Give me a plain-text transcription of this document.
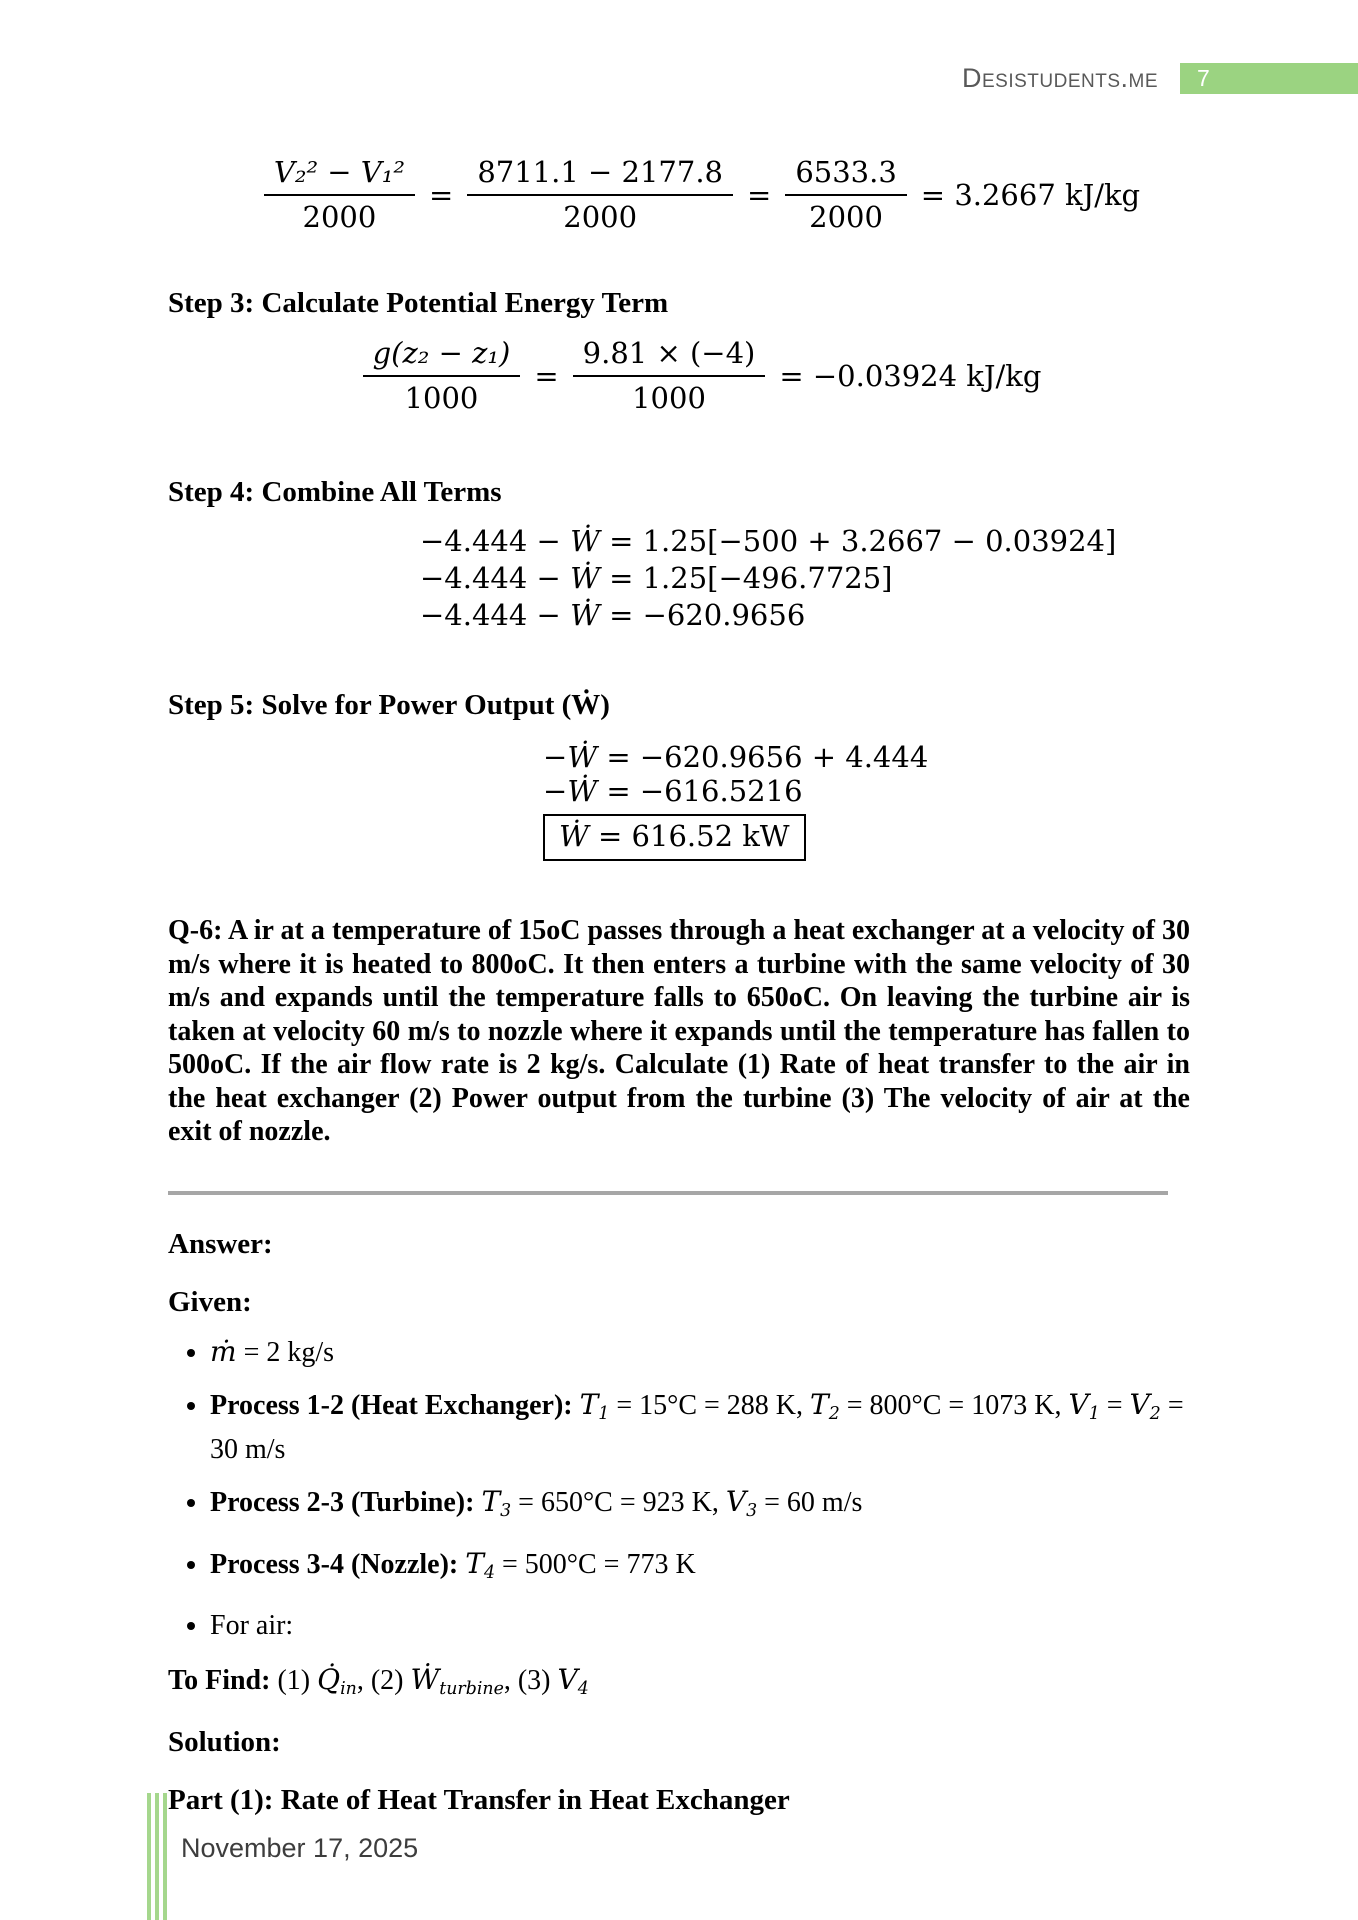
Desistudents.me 7
$\frac{\text{V₂² − V₁²}}{2000} = \frac{8711.1 - 2177.8}{2000} = \frac{6533.3}{2000} = 3.2667$ kJ/kg
Step 3: Calculate Potential Energy Term
$\frac{\text{g(z₂ − z₁)}}{1000} = \frac{9.81 \times (-4)}{1000} = -0.03924$ kJ/kg
Step 4: Combine All Terms
−4.444 − Ẇ = 1.25[−500 + 3.2667 − 0.03924]
−4.444 − Ẇ = 1.25[−496.7725]
−4.444 − Ẇ = −620.9656
Step 5: Solve for Power Output (Ẇ)
−Ẇ = −620.9656 + 4.444
−Ẇ = −616.5216
Ẇ = 616.52 kW

Q-6: A ir at a temperature of 15oC passes through a heat exchanger at a velocity of 30 m/s where it is heated to 800oC. It then enters a turbine with the same velocity of 30 m/s and expands until the temperature falls to 650oC. On leaving the turbine air is taken at velocity 60 m/s to nozzle where it expands until the temperature has fallen to 500oC. If the air flow rate is 2 kg/s. Calculate (1) Rate of heat transfer to the air in the heat exchanger (2) Power output from the turbine (3) The velocity of air at the exit of nozzle.

Answer:
Given:
• ṁ = 2 kg/s
• Process 1-2 (Heat Exchanger): T1 = 15°C = 288 K, T2 = 800°C = 1073 K, V1 = V2 = 30 m/s
• Process 2-3 (Turbine): T3 = 650°C = 923 K, V3 = 60 m/s
• Process 3-4 (Nozzle): T4 = 500°C = 773 K
• For air:

To Find: (1) Q̇in, (2) Ẇturbine, (3) V4

Solution:
Part (1): Rate of Heat Transfer in Heat Exchanger
November 17, 2025
